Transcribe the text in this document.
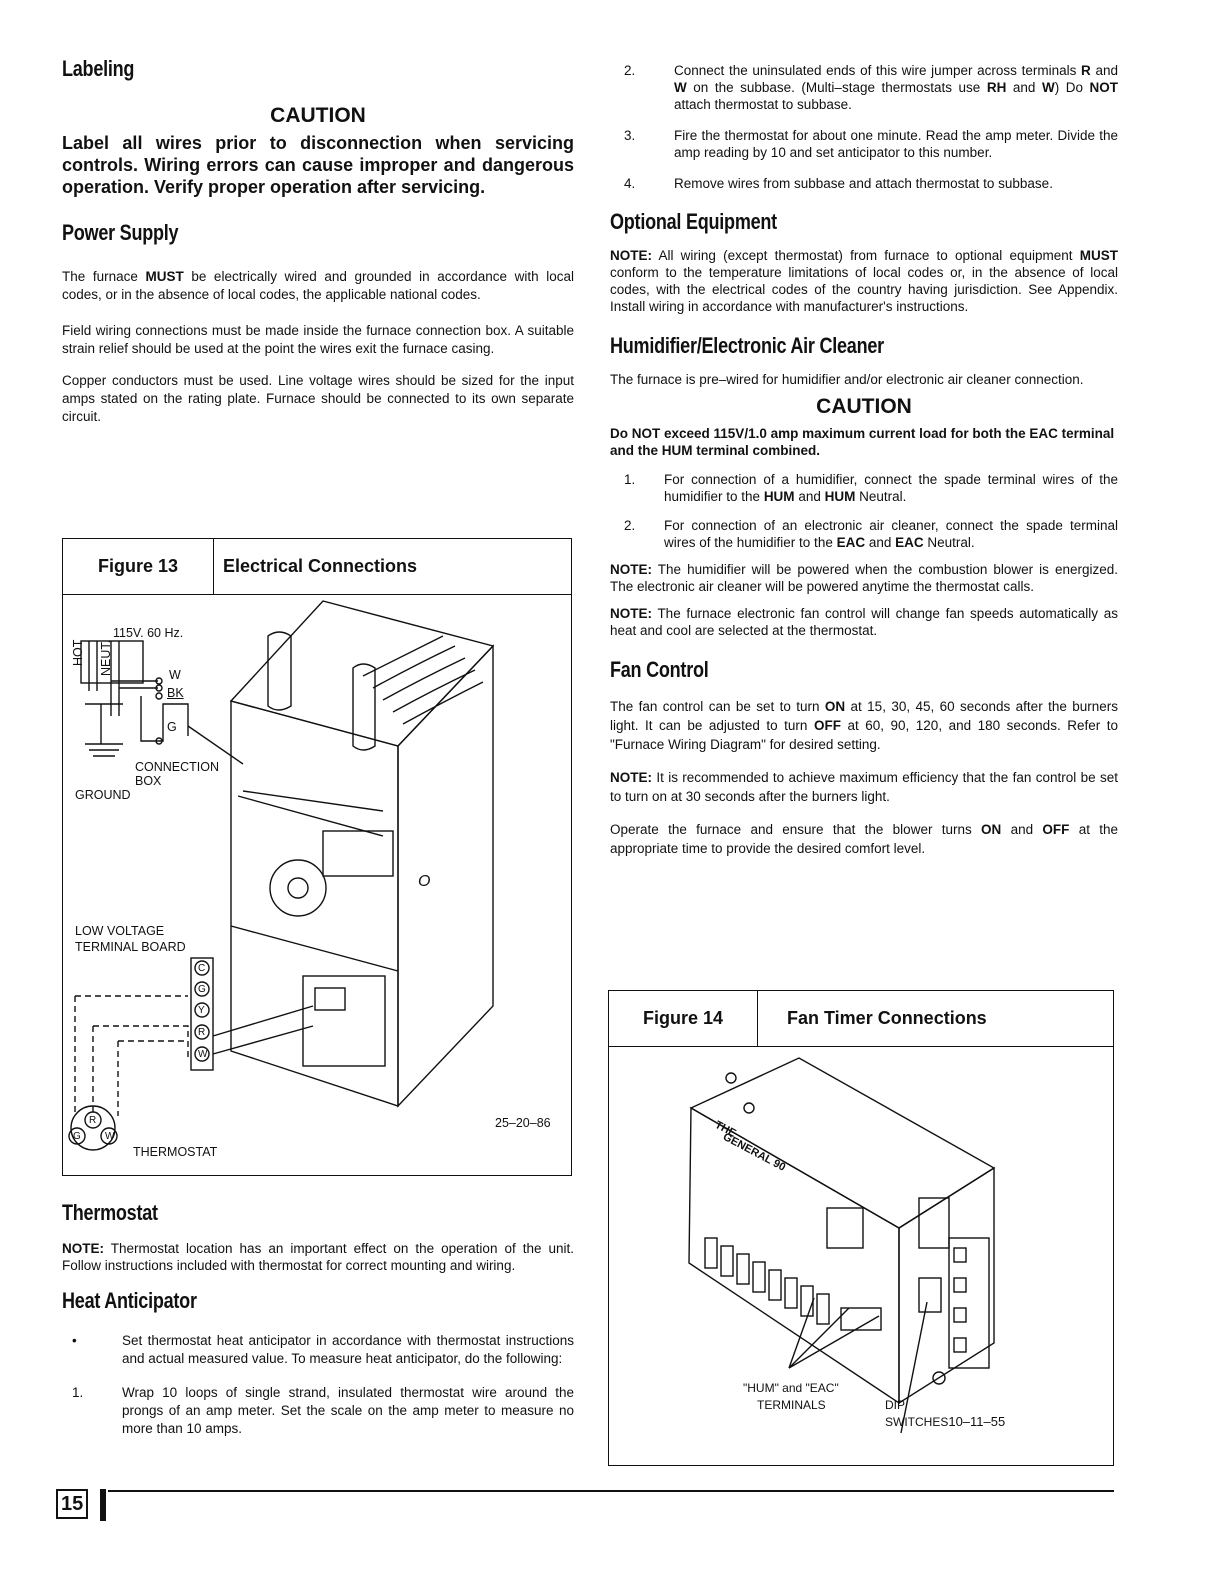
Labeling
CAUTION

Label all wires prior to disconnection when servicing controls. Wiring errors can cause improper and dangerous operation. Verify proper operation after servicing.

Power Supply

The furnace MUST be electrically wired and grounded in accordance with local codes, or in the absence of local codes, the applicable national codes.

Field wiring connections must be made inside the furnace connection box. A suitable strain relief should be used at the point the wires exit the furnace casing.

Copper conductors must be used. Line voltage wires should be sized for the input amps stated on the rating plate. Furnace should be connected to its own separate circuit.

Figure 13	Electrical Connections
115V. 60 Hz.
HOT NEUT.	W
BK
G
CONNECTION
BOX
GROUND
LOW VOLTAGE
TERMINAL BOARD
C
G
Y
R
W
R
G W
THERMOSTAT
25–20–86
O
Thermostat

NOTE: Thermostat location has an important effect on the operation of the unit. Follow instructions included with thermostat for correct mounting and wiring.

Heat Anticipator
•	Set thermostat heat anticipator in accordance with thermostat instructions and actual measured value. To measure heat anticipator, do the following:
1.	Wrap 10 loops of single strand, insulated thermostat wire around the prongs of an amp meter. Set the scale on the amp meter to measure no more than 10 amps.
2.	Connect the uninsulated ends of this wire jumper across terminals R and W on the subbase. (Multi–stage thermostats use RH and W) Do NOT attach thermostat to subbase.
3.	Fire the thermostat for about one minute. Read the amp meter. Divide the amp reading by 10 and set anticipator to this number.
4.	Remove wires from subbase and attach thermostat to subbase.
Optional Equipment

NOTE: All wiring (except thermostat) from furnace to optional equipment MUST conform to the temperature limitations of local codes or, in the absence of local codes, with the electrical codes of the country having jurisdiction. See Appendix. Install wiring in accordance with manufacturer's instructions.

Humidifier/Electronic Air Cleaner

The furnace is pre–wired for humidifier and/or electronic air cleaner connection.

CAUTION

Do NOT exceed 115V/1.0 amp maximum current load for both the EAC terminal and the HUM terminal combined.

1.	For connection of a humidifier, connect the spade terminal wires of the humidifier to the HUM and HUM Neutral.
2.	For connection of an electronic air cleaner, connect the spade terminal wires of the humidifier to the EAC and EAC Neutral.

NOTE: The humidifier will be powered when the combustion blower is energized. The electronic air cleaner will be powered anytime the thermostat calls.

NOTE: The furnace electronic fan control will change fan speeds automatically as heat and cool are selected at the thermostat.

Fan Control

The fan control can be set to turn ON at 15, 30, 45, 60 seconds after the burners light. It can be adjusted to turn OFF at 60, 90, 120, and 180 seconds. Refer to "Furnace Wiring Diagram" for desired setting.

NOTE: It is recommended to achieve maximum efficiency that the fan control be set to turn on at 30 seconds after the burners light.

Operate the furnace and ensure that the blower turns ON and OFF at the appropriate time to provide the desired comfort level.

Figure 14	Fan Timer Connections
THE
GENERAL 90
"HUM" and "EAC"
TERMINALS	DIP
SWITCHES10–11–55
15
